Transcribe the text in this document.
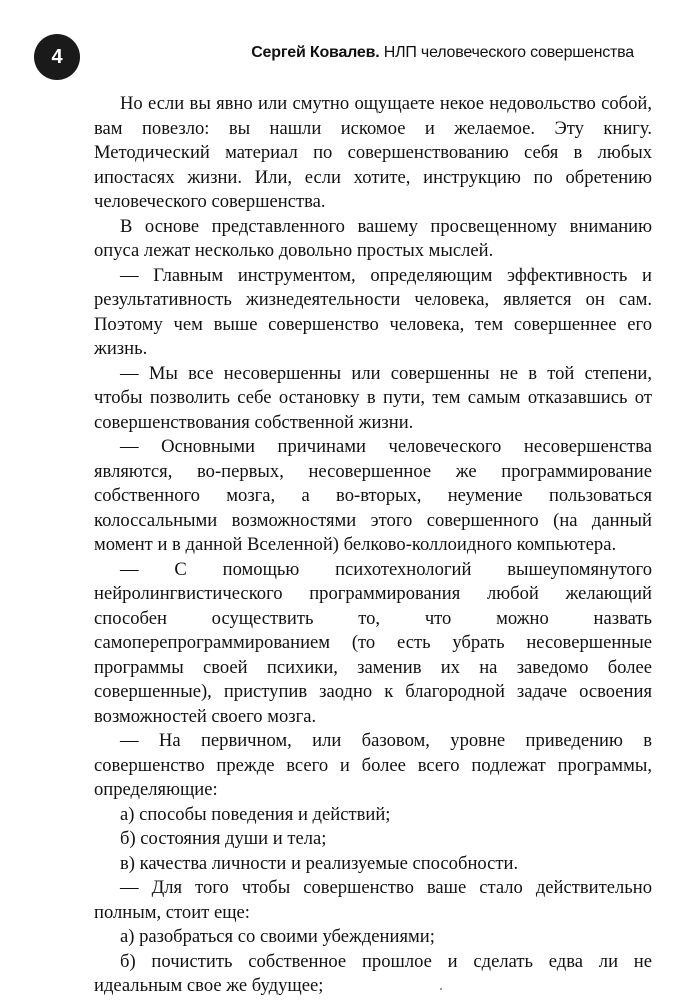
4	Сергей Ковалев. НЛП человеческого совершенства

Но если вы явно или смутно ощущаете некое недовольство собой, вам повезло: вы нашли искомое и желаемое. Эту книгу. Методический материал по совершенствованию себя в любых ипостасях жизни. Или, если хотите, инструкцию по обретению человеческого совершенства.

В основе представленного вашему просвещенному вниманию опуса лежат несколько довольно простых мыслей.

— Главным инструментом, определяющим эффективность и результативность жизнедеятельности человека, является он сам. Поэтому чем выше совершенство человека, тем совершеннее его жизнь.

— Мы все несовершенны или совершенны не в той степени, чтобы позволить себе остановку в пути, тем самым отказавшись от совершенствования собственной жизни.

— Основными причинами человеческого несовершенства являются, во-первых, несовершенное же программирование собственного мозга, а во-вторых, неумение пользоваться колоссальными возможностями этого совершенного (на данный момент и в данной Вселенной) белково-коллоидного компьютера.

— С помощью психотехнологий вышеупомянутого нейролингвистического программирования любой желающий способен осуществить то, что можно назвать самоперепрограммированием (то есть убрать несовершенные программы своей психики, заменив их на заведомо более совершенные), приступив заодно к благородной задаче освоения возможностей своего мозга.

— На первичном, или базовом, уровне приведению в совершенство прежде всего и более всего подлежат программы, определяющие:

а) способы поведения и действий;

б) состояния души и тела;

в) качества личности и реализуемые способности.

— Для того чтобы совершенство ваше стало действительно полным, стоит еще:

а) разобраться со своими убеждениями;

б) почистить собственное прошлое и сделать едва ли не идеальным свое же будущее;
